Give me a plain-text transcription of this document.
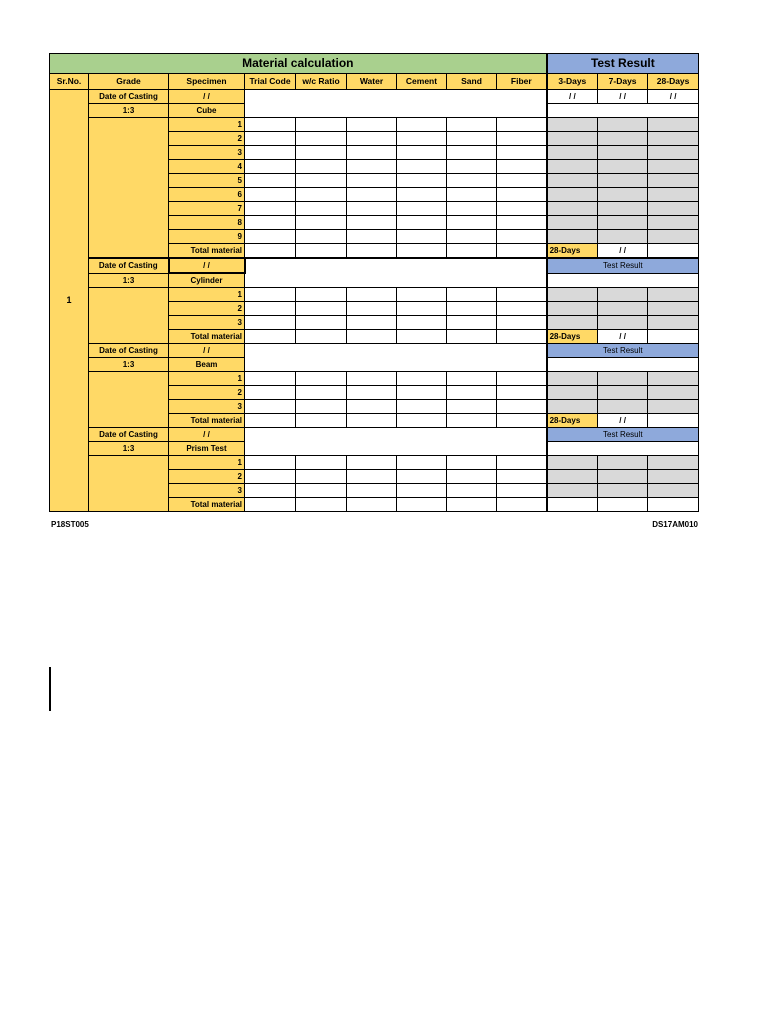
Material calculation									Test Result		
Sr.No.	Grade	Specimen	Trial Code	w/c Ratio	Water	Cement	Sand	Fiber	3-Days	7-Days	28-Days
1	Date of Casting	/ /							/ /	/ /	/ /
	1:3	Cube									
		1									
		2									
		3									
		4									
		5									
		6									
		7									
		8									
		9									
		Total material							28-Days	/ /	
	Date of Casting	/ /							Test Result		
	1:3	Cylinder									
		1									
		2									
		3									
		Total material							28-Days	/ /	
	Date of Casting	/ /							Test Result		
	1:3	Beam									
		1									
		2									
		3									
		Total material							28-Days	/ /	
	Date of Casting	/ /							Test Result		
	1:3	Prism Test									
		1									
		2									
		3									
		Total material									
P18ST005	DS17AM010
